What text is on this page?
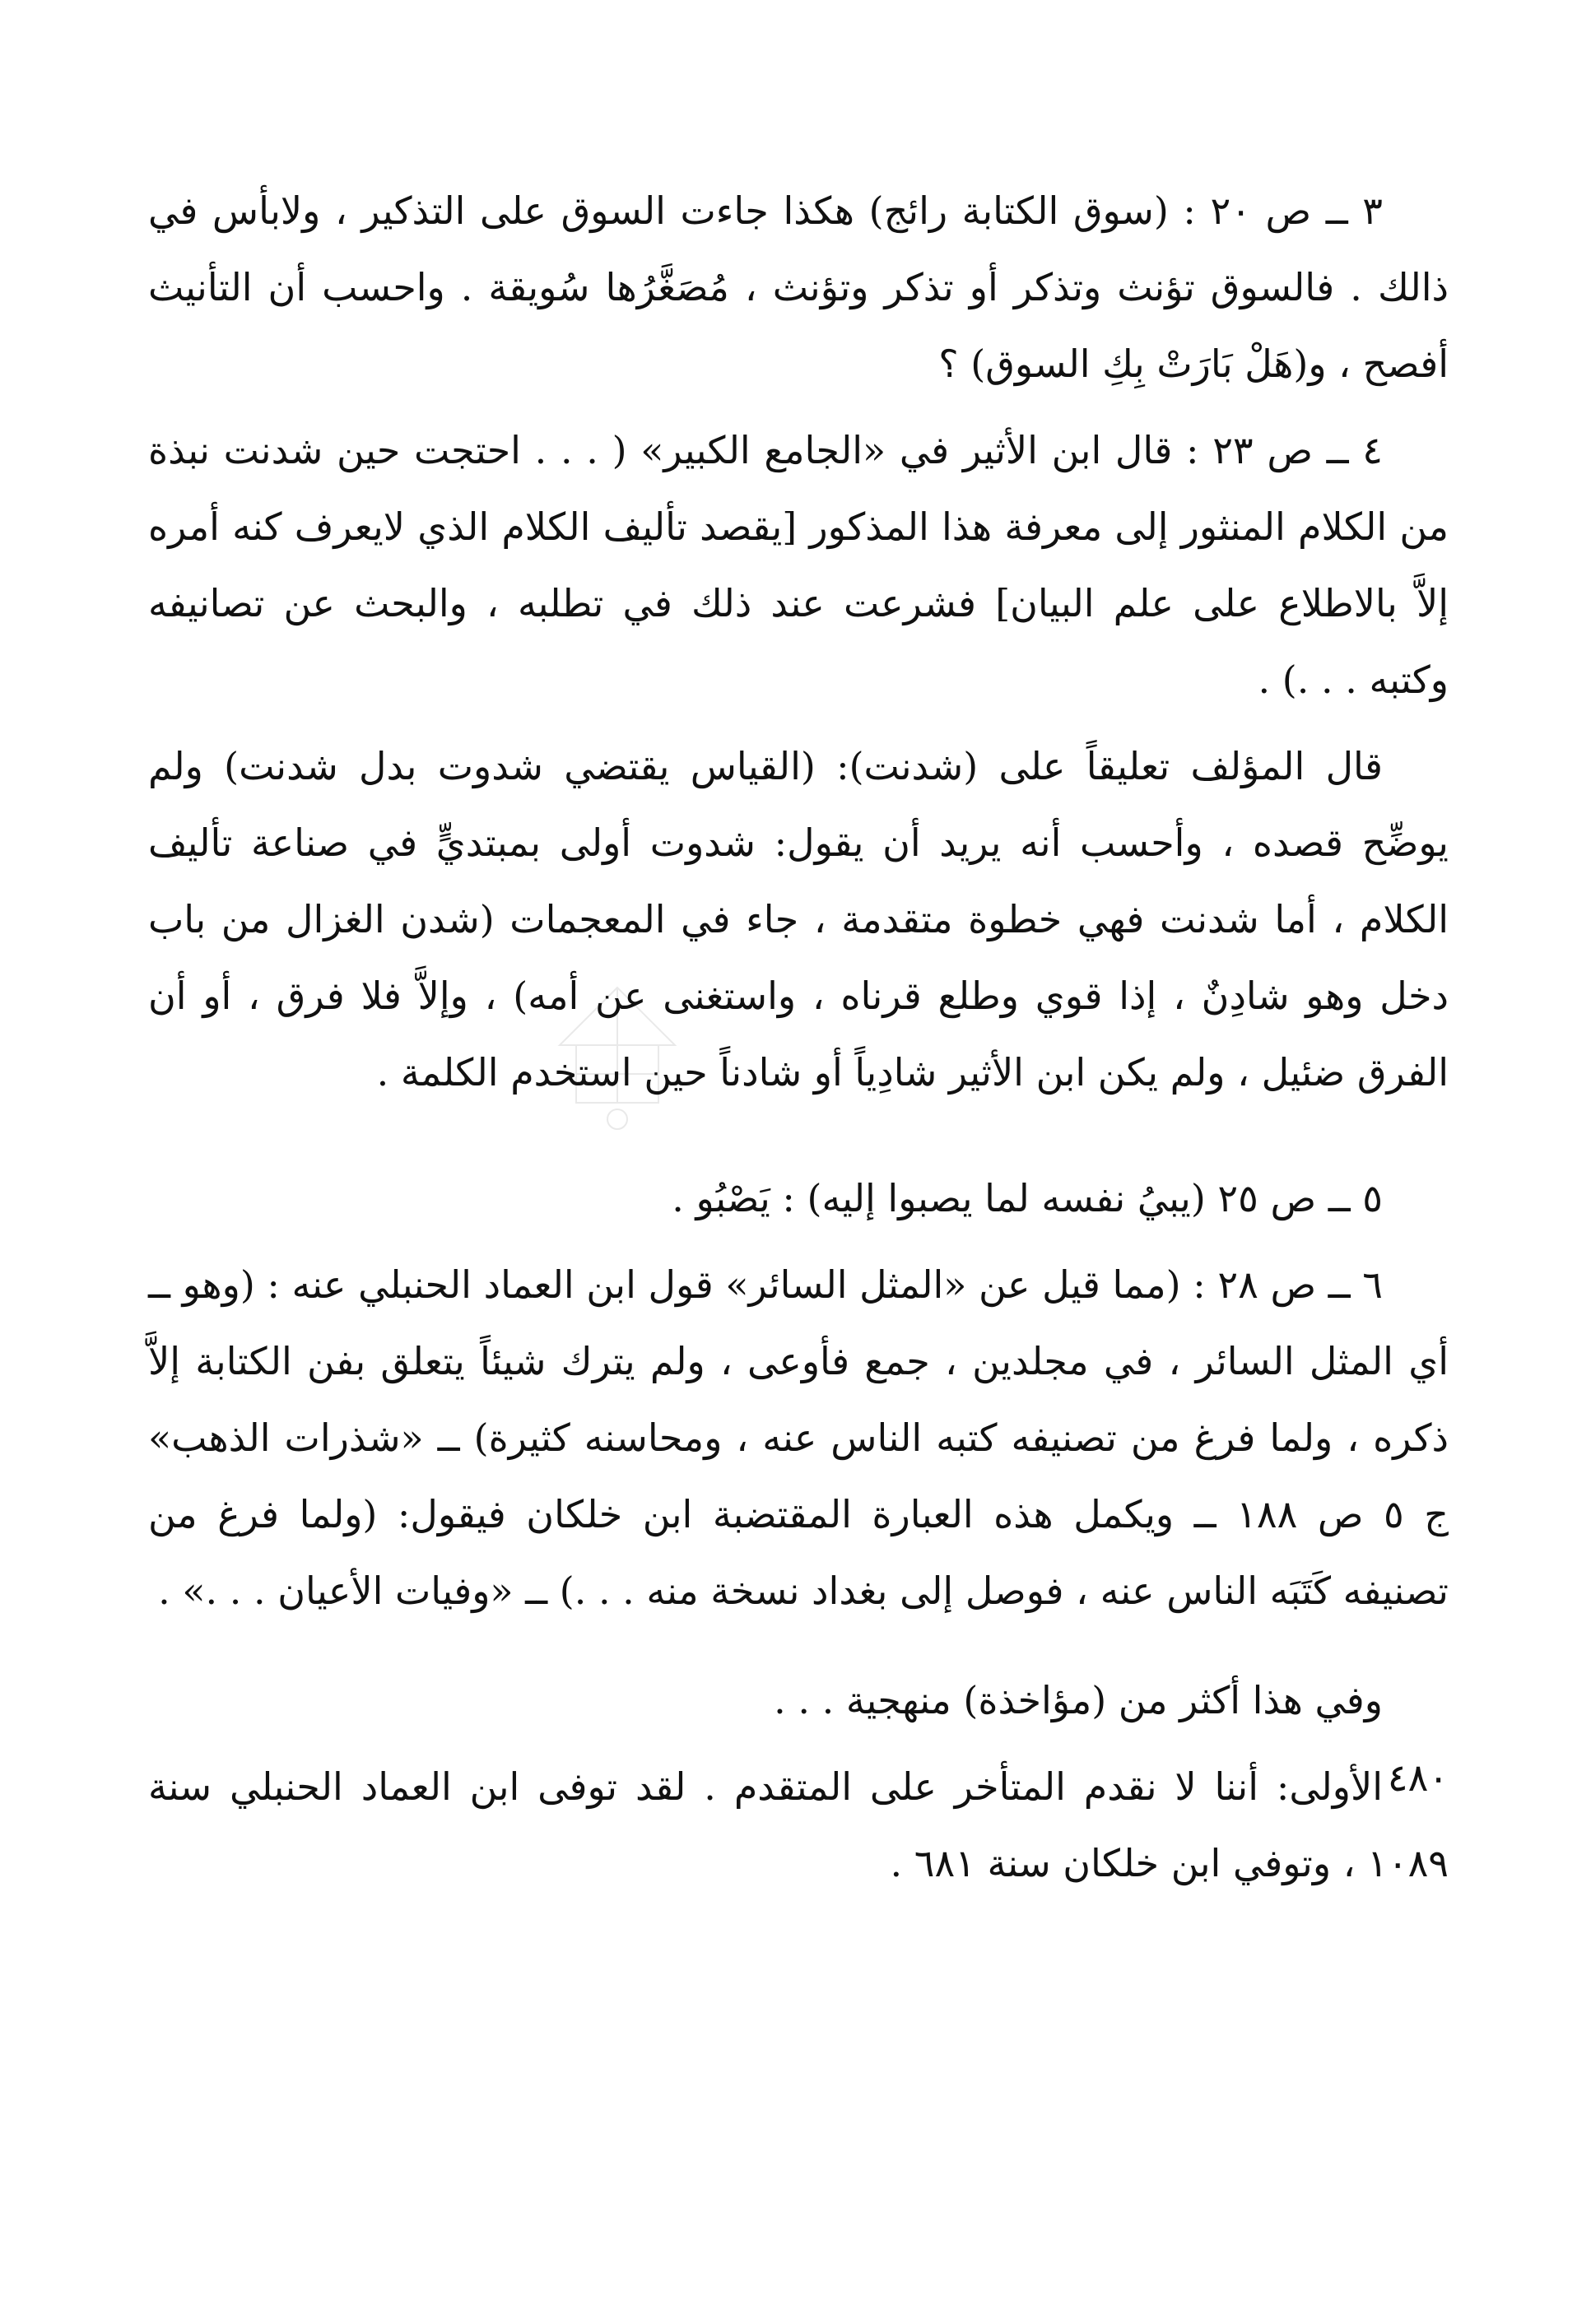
٣ ــ ص ٢٠ : (سوق الكتابة رائج) هكذا جاءت السوق على التذكير ، ولابأس في ذالك . فالسوق تؤنث وتذكر أو تذكر وتؤنث ، مُصَغَّرُها سُويقة . واحسب أن التأنيث أفصح ، و(هَلْ بَارَتْ بِكِ السوق) ؟

٤ ــ ص ٢٣ : قال ابن الأثير في «الجامع الكبير» ( . . . احتجت حين شدنت نبذة من الكلام المنثور إلى معرفة هذا المذكور [يقصد تأليف الكلام الذي لايعرف كنه أمره إلاَّ بالاطلاع على علم البيان] فشرعت عند ذلك في تطلبه ، والبحث عن تصانيفه وكتبه . . .) .

قال المؤلف تعليقاً على (شدنت): (القياس يقتضي شدوت بدل شدنت) ولم يوضِّح قصده ، وأحسب أنه يريد أن يقول: شدوت أولى بمبتديٍّ في صناعة تأليف الكلام ، أما شدنت فهي خطوة متقدمة ، جاء في المعجمات (شدن الغزال من باب دخل وهو شادِنٌ ، إذا قوي وطلع قرناه ، واستغنى عن أمه) ، وإلاَّ فلا فرق ، أو أن الفرق ضئيل ، ولم يكن ابن الأثير شادِياً أو شادناً حين استخدم الكلمة .

٥ ــ ص ٢٥ (يبيُ نفسه لما يصبوا إليه) : يَصْبُو .

٦ ــ ص ٢٨ : (مما قيل عن «المثل السائر» قول ابن العماد الحنبلي عنه : (وهو ــ أي المثل السائر ، في مجلدين ، جمع فأوعى ، ولم يترك شيئاً يتعلق بفن الكتابة إلاَّ ذكره ، ولما فرغ من تصنيفه كتبه الناس عنه ، ومحاسنه كثيرة) ــ «شذرات الذهب» ج ٥ ص ١٨٨ ــ ويكمل هذه العبارة المقتضبة ابن خلكان فيقول: (ولما فرغ من تصنيفه كَتَبَه الناس عنه ، فوصل إلى بغداد نسخة منه . . .) ــ «وفيات الأعيان . . .» .

وفي هذا أكثر من (مؤاخذة) منهجية . . .

الأولى: أننا لا نقدم المتأخر على المتقدم . لقد توفى ابن العماد الحنبلي سنة ١٠٨٩ ، وتوفي ابن خلكان سنة ٦٨١ .

٤٨٠
